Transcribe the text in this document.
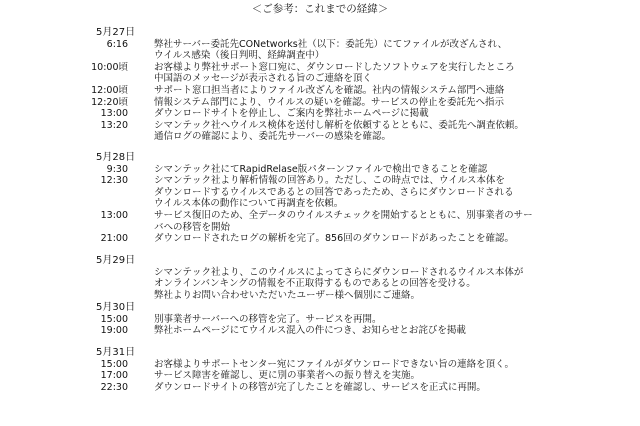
＜ご参考：これまでの経緯＞
5月27日
6:16	弊社サーバー委託先CONetworks社（以下：委託先）にてファイルが改ざんされ、
ウイルス感染（後日判明、経緯調査中）
10:00頃	お客様より弊社サポート窓口宛に、ダウンロードしたソフトウェアを実行したところ
中国語のメッセージが表示される旨のご連絡を頂く
12:00頃	サポート窓口担当者によりファイル改ざんを確認。社内の情報システム部門へ連絡
12:20頃	情報システム部門により、ウイルスの疑いを確認。サービスの停止を委託先へ指示
13:00	ダウンロードサイトを停止し、ご案内を弊社ホームページに掲載
13:20	シマンテック社へウイルス検体を送付し解析を依頼するとともに、委託先へ調査依頼。
通信ログの確認により、委託先サーバーの感染を確認。
5月28日
9:30	シマンテック社にてRapidRelase版パターンファイルで検出できることを確認
12:30	シマンテック社より解析情報の回答あり。ただし、この時点では、ウイルス本体を
ダウンロードするウイルスであるとの回答であったため、さらにダウンロードされる
ウイルス本体の動作について再調査を依頼。
13:00	サービス復旧のため、全データのウイルスチェックを開始するとともに、別事業者のサー
バへの移管を開始
21:00	ダウンロードされたログの解析を完了。856回のダウンロードがあったことを確認。
5月29日
シマンテック社より、このウイルスによってさらにダウンロードされるウイルス本体が
オンラインバンキングの情報を不正取得するものであるとの回答を受ける。
弊社よりお問い合わせいただいたユーザー様へ個別にご連絡。
5月30日
15:00	別事業者サーバーへの移管を完了。サービスを再開。
19:00	弊社ホームページにてウイルス混入の件につき、お知らせとお詫びを掲載
5月31日
15:00	お客様よりサポートセンター宛にファイルがダウンロードできない旨の連絡を頂く。
17:00	サービス障害を確認し、更に別の事業者への振り替えを実施。
22:30	ダウンロードサイトの移管が完了したことを確認し、サービスを正式に再開。
